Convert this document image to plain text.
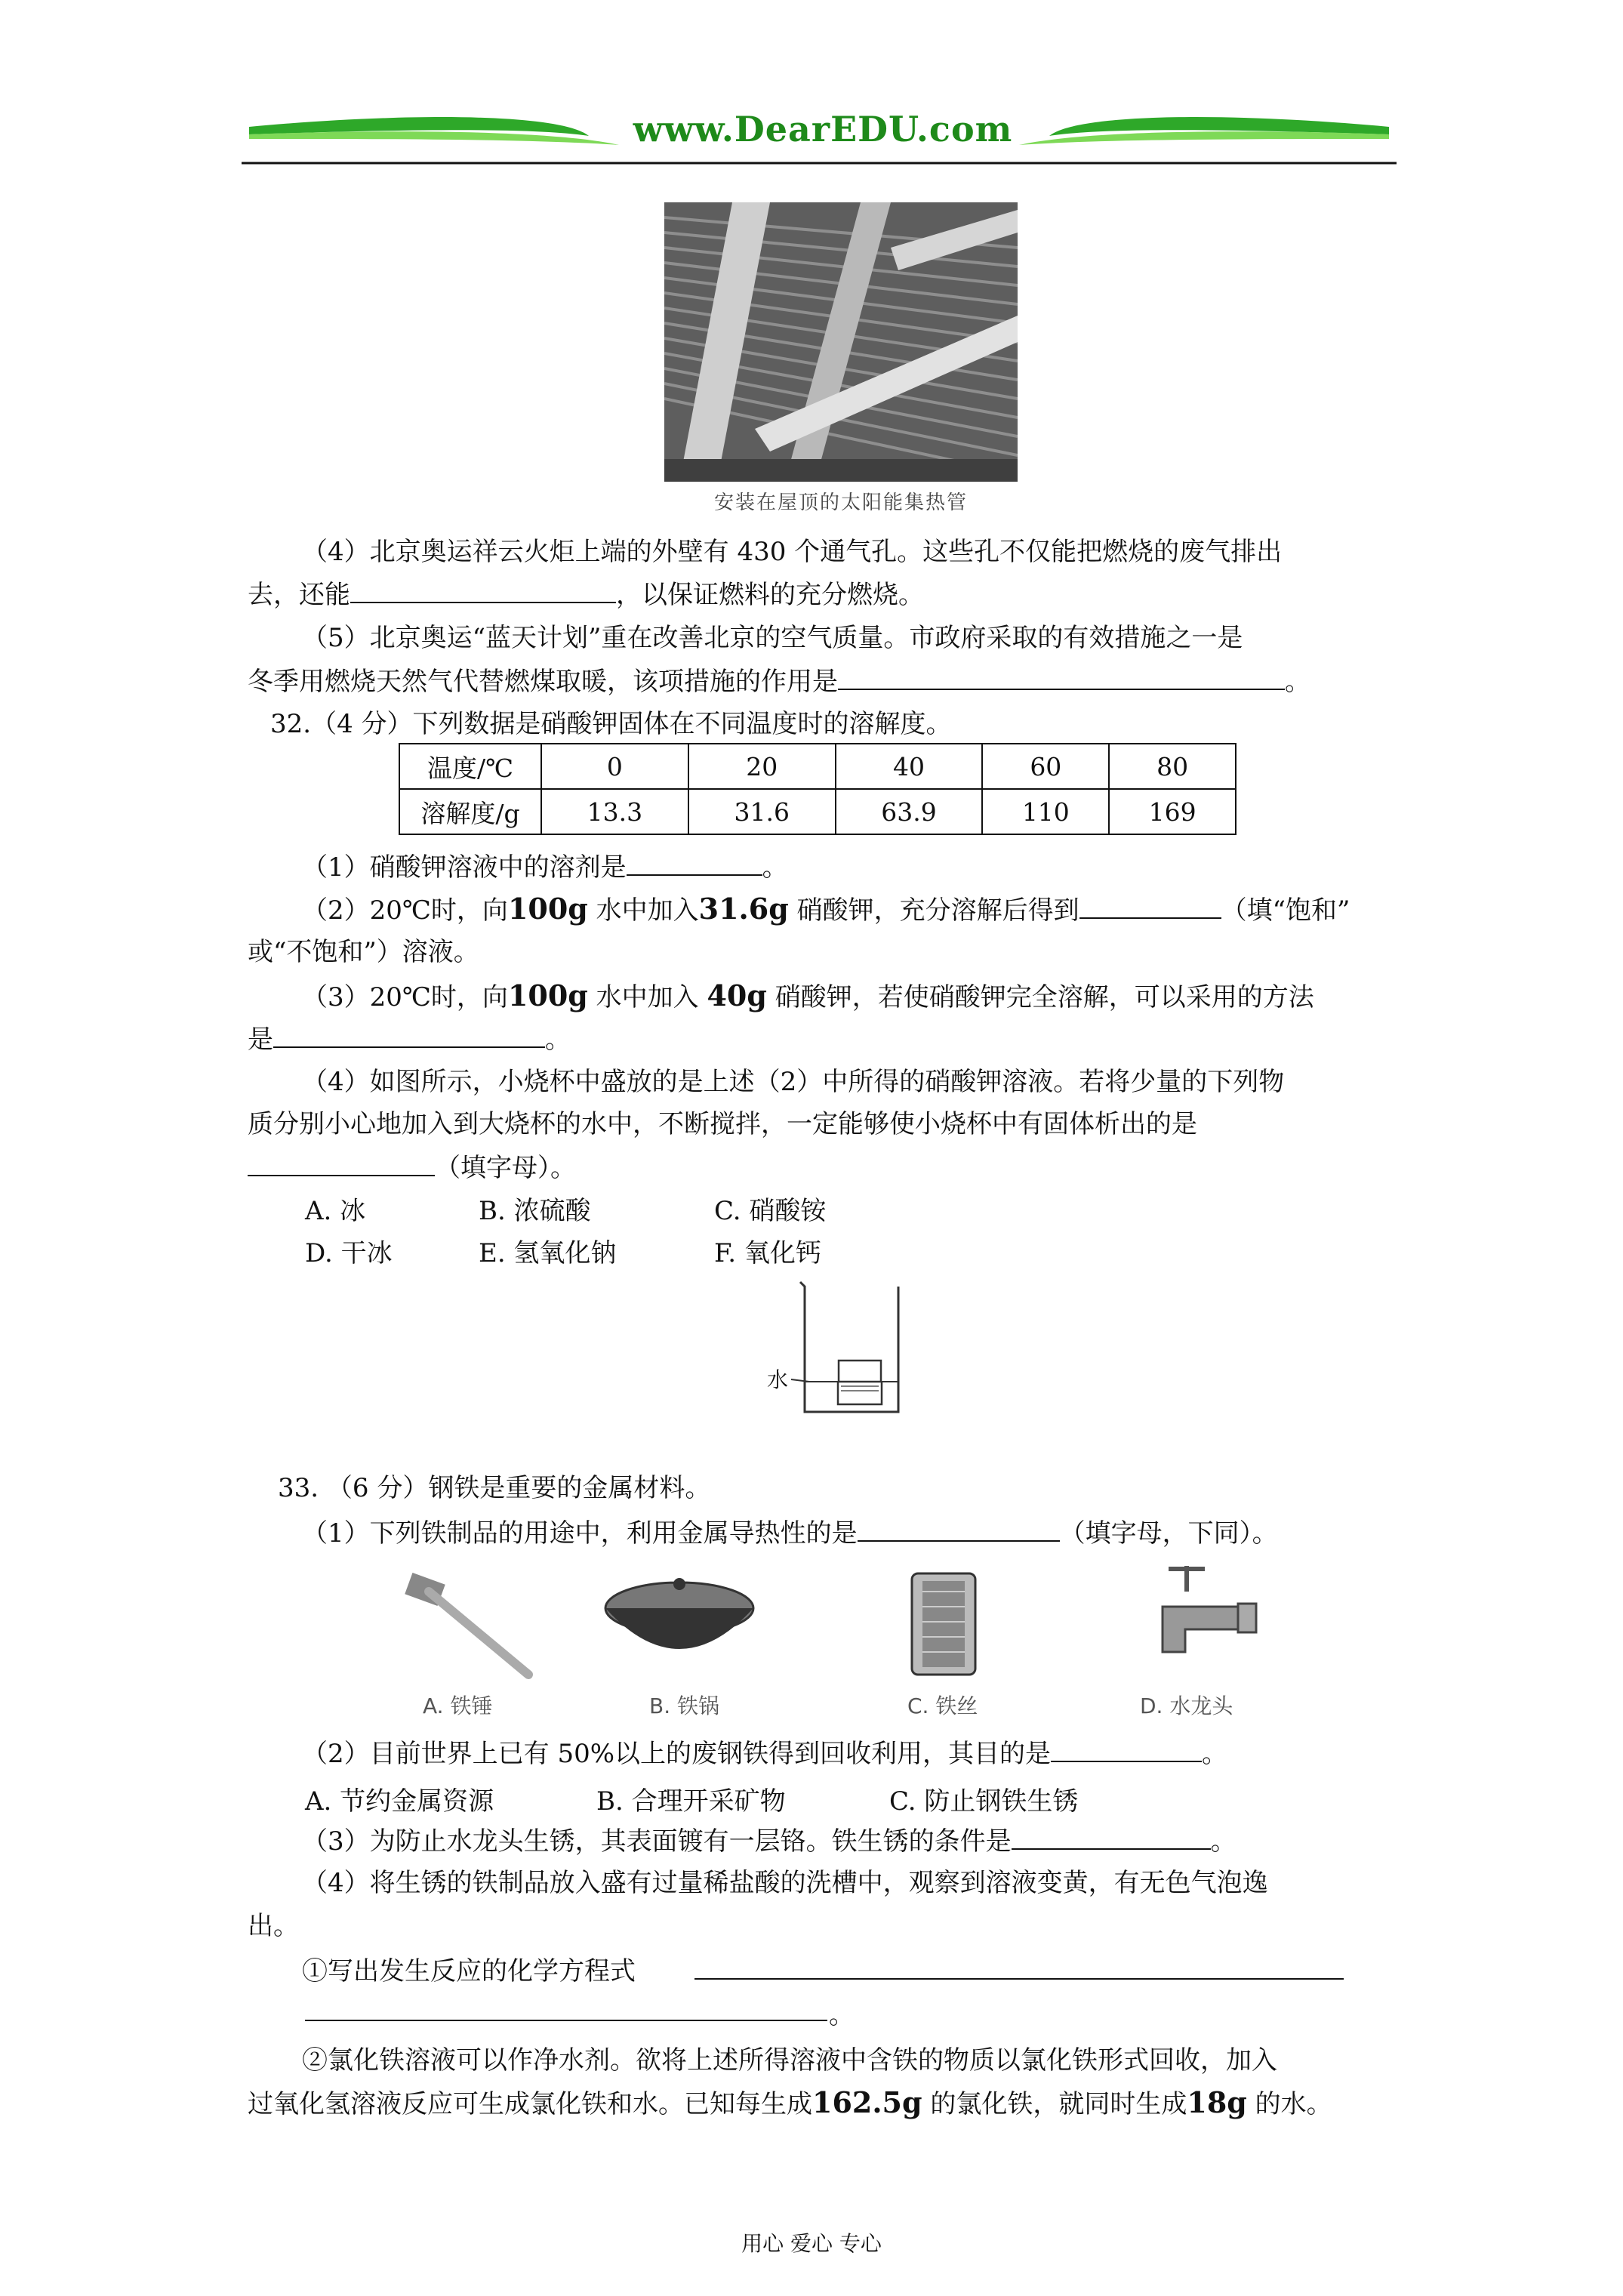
www.DearEDU.com
安装在屋顶的太阳能集热管
（4）北京奥运祥云火炬上端的外壁有 430 个通气孔。这些孔不仅能把燃烧的废气排出
去，还能	，以保证燃料的充分燃烧。
（5）北京奥运“蓝天计划”重在改善北京的空气质量。市政府采取的有效措施之一是
冬季用燃烧天然气代替燃煤取暖，该项措施的作用是	。
32.（4 分）下列数据是硝酸钾固体在不同温度时的溶解度。
温度/℃	0	20	40	60	80
溶解度/g	13.3	31.6	63.9	110	169
（1）硝酸钾溶液中的溶剂是	。
（2）20℃时，向100g 水中加入31.6g 硝酸钾，充分溶解后得到	（填“饱和”
或“不饱和”）溶液。
（3）20℃时，向100g 水中加入 40g 硝酸钾，若使硝酸钾完全溶解，可以采用的方法
是	。
（4）如图所示，小烧杯中盛放的是上述（2）中所得的硝酸钾溶液。若将少量的下列物
质分别小心地加入到大烧杯的水中，不断搅拌，一定能够使小烧杯中有固体析出的是
（填字母）。
A. 冰	B. 浓硫酸	C. 硝酸铵
D. 干冰	E. 氢氧化钠	F. 氧化钙
水
33. （6 分）钢铁是重要的金属材料。
（1）下列铁制品的用途中，利用金属导热性的是	（填字母，下同）。
A. 铁锤	B. 铁锅	C. 铁丝	D. 水龙头
（2）目前世界上已有 50%以上的废钢铁得到回收利用，其目的是	。
A. 节约金属资源	B. 合理开采矿物	C. 防止钢铁生锈
（3）为防止水龙头生锈，其表面镀有一层铬。铁生锈的条件是	。
（4）将生锈的铁制品放入盛有过量稀盐酸的洗槽中，观察到溶液变黄，有无色气泡逸
出。
①写出发生反应的化学方程式
。
②氯化铁溶液可以作净水剂。欲将上述所得溶液中含铁的物质以氯化铁形式回收，加入
过氧化氢溶液反应可生成氯化铁和水。已知每生成162.5g 的氯化铁，就同时生成18g 的水。
用心 爱心 专心
